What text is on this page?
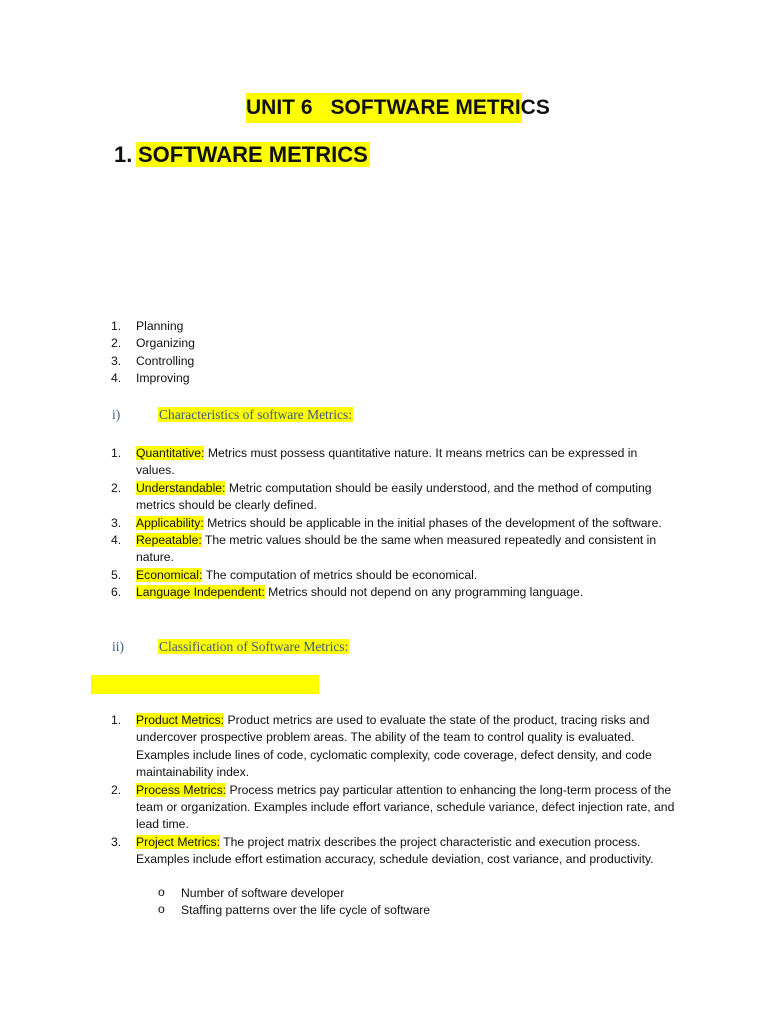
UNIT 6 SOFTWARE METRICS
1. SOFTWARE METRICS
1. Planning
2. Organizing
3. Controlling
4. Improving
i)	Characteristics of software Metrics:
1. Quantitative: Metrics must possess quantitative nature. It means metrics can be expressed in values.
2. Understandable: Metric computation should be easily understood, and the method of computing metrics should be clearly defined.
3. Applicability: Metrics should be applicable in the initial phases of the development of the software.
4. Repeatable: The metric values should be the same when measured repeatedly and consistent in nature.
5. Economical: The computation of metrics should be economical.
6. Language Independent: Metrics should not depend on any programming language.
ii)	Classification of Software Metrics:
1. Product Metrics: Product metrics are used to evaluate the state of the product, tracing risks and undercover prospective problem areas. The ability of the team to control quality is evaluated. Examples include lines of code, cyclomatic complexity, code coverage, defect density, and code maintainability index.
2. Process Metrics: Process metrics pay particular attention to enhancing the long-term process of the team or organization. Examples include effort variance, schedule variance, defect injection rate, and lead time.
3. Project Metrics: The project matrix describes the project characteristic and execution process. Examples include effort estimation accuracy, schedule deviation, cost variance, and productivity.
o Number of software developer
o Staffing patterns over the life cycle of software
